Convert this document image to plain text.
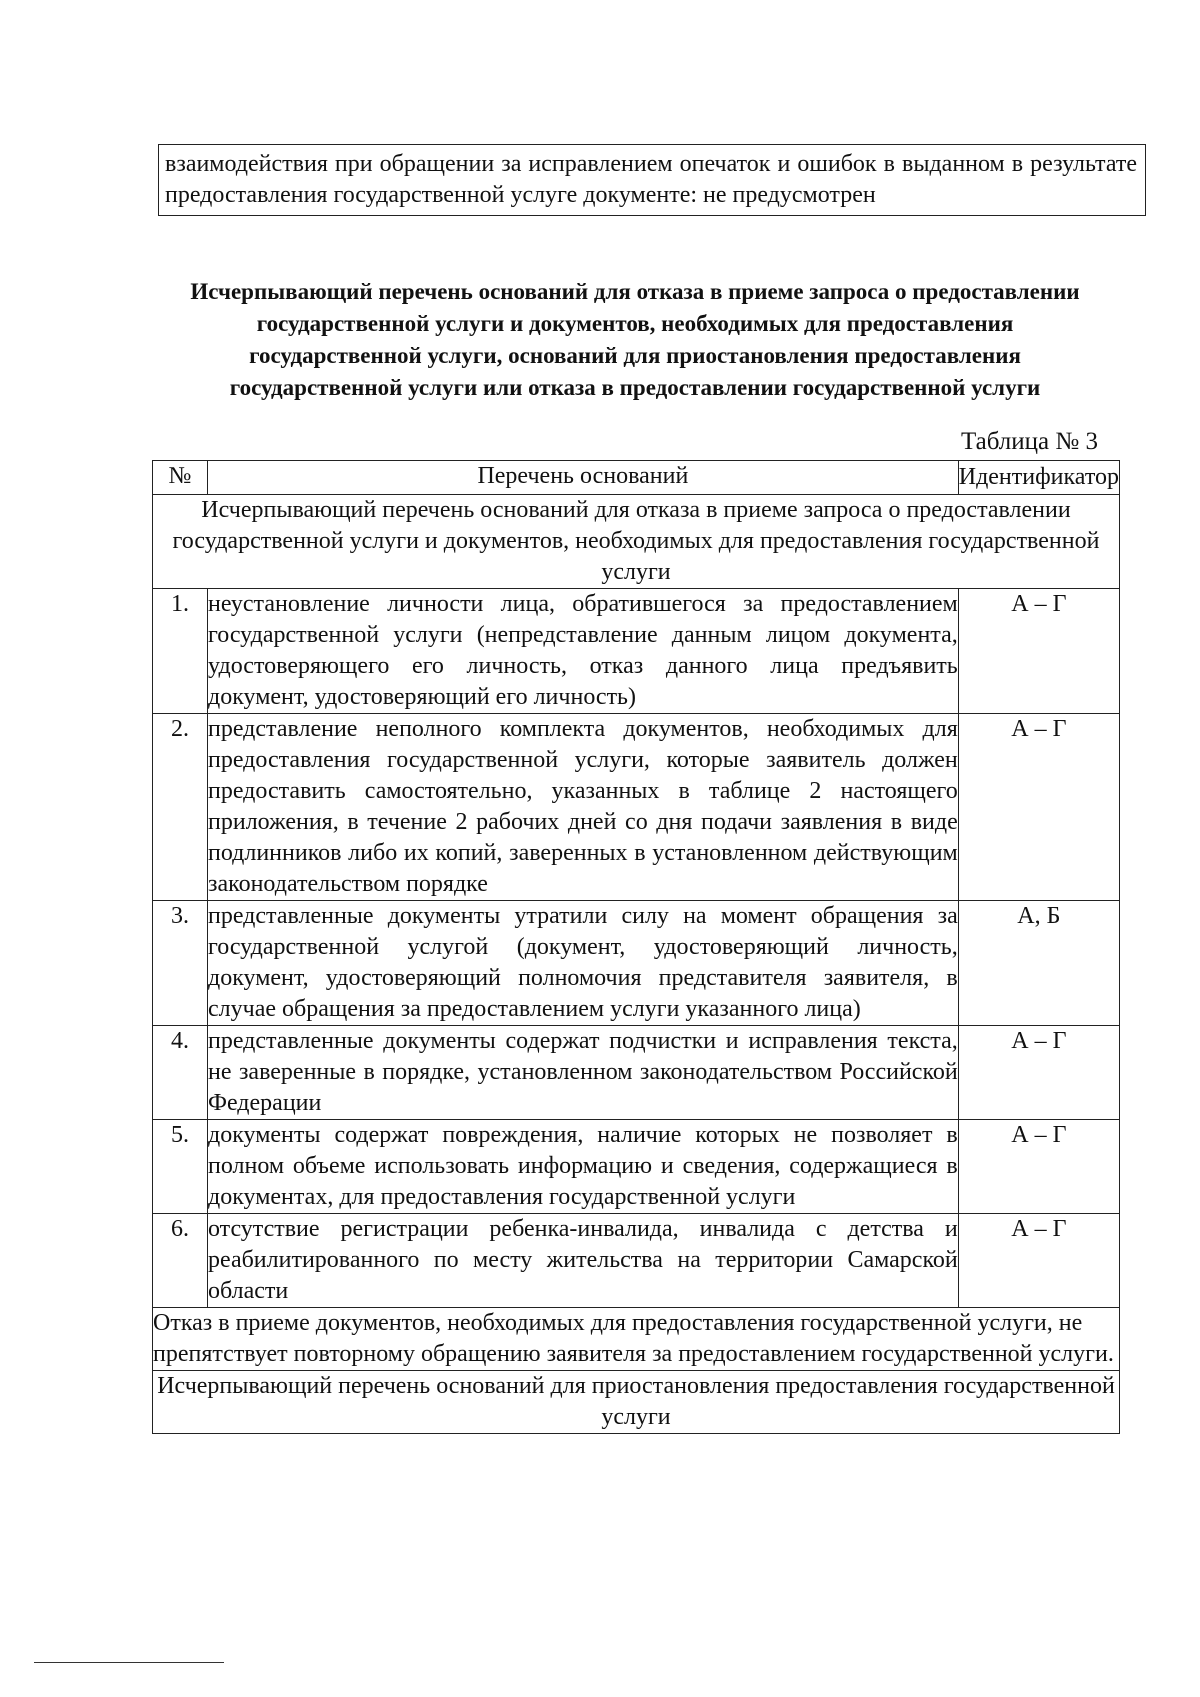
взаимодействия при обращении за исправлением опечаток и ошибок в выданном в результате предоставления государственной услуге документе: не предусмотрен
Исчерпывающий перечень оснований для отказа в приеме запроса о предоставлении государственной услуги и документов, необходимых для предоставления государственной услуги, оснований для приостановления предоставления государственной услуги или отказа в предоставлении государственной услуги
Таблица № 3
№	Перечень оснований	Идентификатор
Исчерпывающий перечень оснований для отказа в приеме запроса о предоставлении государственной услуги и документов, необходимых для предоставления государственной услуги		
1.	неустановление личности лица, обратившегося за предоставлением государственной услуги (непредставление данным лицом документа, удостоверяющего его личность, отказ данного лица предъявить документ, удостоверяющий его личность)	А – Г
2.	представление неполного комплекта документов, необходимых для предоставления государственной услуги, которые заявитель должен предоставить самостоятельно, указанных в таблице 2 настоящего приложения, в течение 2 рабочих дней со дня подачи заявления в виде подлинников либо их копий, заверенных в установленном действующим законодательством порядке	А – Г
3.	представленные документы утратили силу на момент обращения за государственной услугой (документ, удостоверяющий личность, документ, удостоверяющий полномочия представителя заявителя, в случае обращения за предоставлением услуги указанного лица)	А, Б
4.	представленные документы содержат подчистки и исправления текста, не заверенные в порядке, установленном законодательством Российской Федерации	А – Г
5.	документы содержат повреждения, наличие которых не позволяет в полном объеме использовать информацию и сведения, содержащиеся в документах, для предоставления государственной услуги	А – Г
6.	отсутствие регистрации ребенка-инвалида, инвалида с детства и реабилитированного по месту жительства на территории Самарской области	А – Г
Отказ в приеме документов, необходимых для предоставления государственной услуги, не препятствует повторному обращению заявителя за предоставлением государственной услуги.		
Исчерпывающий перечень оснований для приостановления предоставления государственной услуги		
